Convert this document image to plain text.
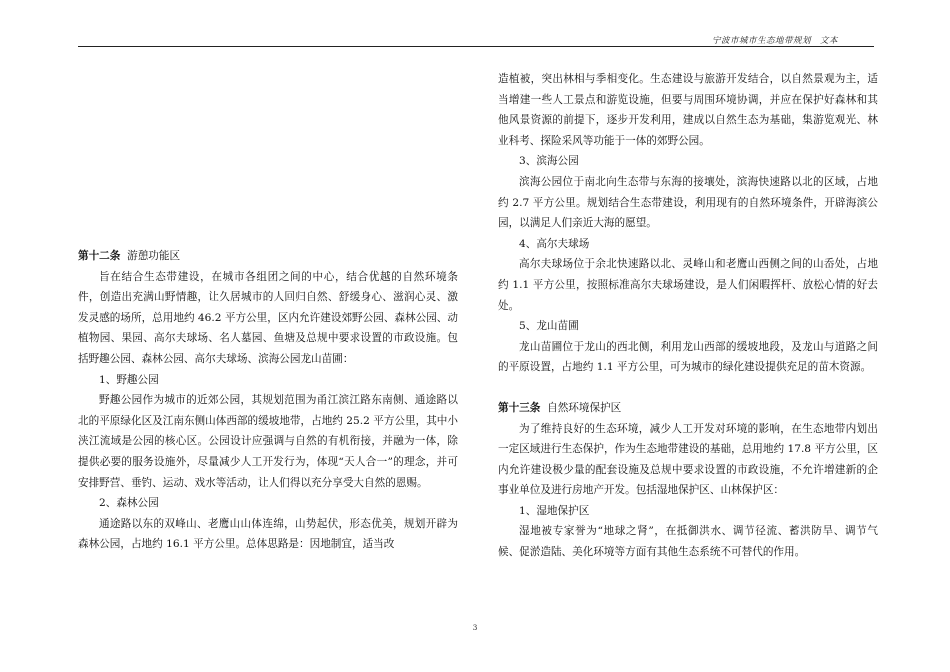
宁波市城市生态地带规划　文本

第十二条 游憩功能区

旨在结合生态带建设，在城市各组团之间的中心，结合优越的自然环境条件，创造出充满山野情趣，让久居城市的人回归自然、舒缓身心、滋润心灵、激发灵感的场所，总用地约 46.2 平方公里，区内允许建设郊野公园、森林公园、动植物园、果园、高尔夫球场、名人墓园、鱼塘及总规中要求设置的市政设施。包括野趣公园、森林公园、高尔夫球场、滨海公园龙山苗圃：

1、野趣公园

野趣公园作为城市的近郊公园，其规划范围为甬江滨江路东南侧、通途路以北的平原绿化区及江南东侧山体西部的缓坡地带，占地约 25.2 平方公里，其中小浃江流域是公园的核心区。公园设计应强调与自然的有机衔接，并融为一体，除提供必要的服务设施外，尽量减少人工开发行为，体现“天人合一”的理念，并可安排野营、垂钓、运动、戏水等活动，让人们得以充分享受大自然的恩赐。

2、森林公园

通途路以东的双峰山、老鹰山山体连绵，山势起伏，形态优美，规划开辟为森林公园，占地约 16.1 平方公里。总体思路是：因地制宜，适当改

造植被，突出林相与季相变化。生态建设与旅游开发结合，以自然景观为主，适当增建一些人工景点和游览设施，但要与周围环境协调，并应在保护好森林和其他风景资源的前提下，逐步开发利用，建成以自然生态为基础，集游览观光、林业科考、探险采风等功能于一体的郊野公园。

3、滨海公园

滨海公园位于南北向生态带与东海的接壤处，滨海快速路以北的区域，占地约 2.7 平方公里。规划结合生态带建设，利用现有的自然环境条件，开辟海滨公园，以满足人们亲近大海的愿望。

4、高尔夫球场

高尔夫球场位于余北快速路以北、灵峰山和老鹰山西侧之间的山岙处，占地约 1.1 平方公里，按照标准高尔夫球场建设，是人们闲暇挥杆、放松心情的好去处。

5、龙山苗圃

龙山苗圃位于龙山的西北侧，利用龙山西部的缓坡地段，及龙山与道路之间的平原设置，占地约 1.1 平方公里，可为城市的绿化建设提供充足的苗木资源。

第十三条 自然环境保护区

为了维持良好的生态环境，减少人工开发对环境的影响，在生态地带内划出一定区域进行生态保护，作为生态地带建设的基础，总用地约 17.8 平方公里，区内允许建设极少量的配套设施及总规中要求设置的市政设施，不允许增建新的企事业单位及进行房地产开发。包括湿地保护区、山林保护区：

1、湿地保护区

湿地被专家誉为“地球之肾”，在抵御洪水、调节径流、蓄洪防旱、调节气候、促淤造陆、美化环境等方面有其他生态系统不可替代的作用。

3
